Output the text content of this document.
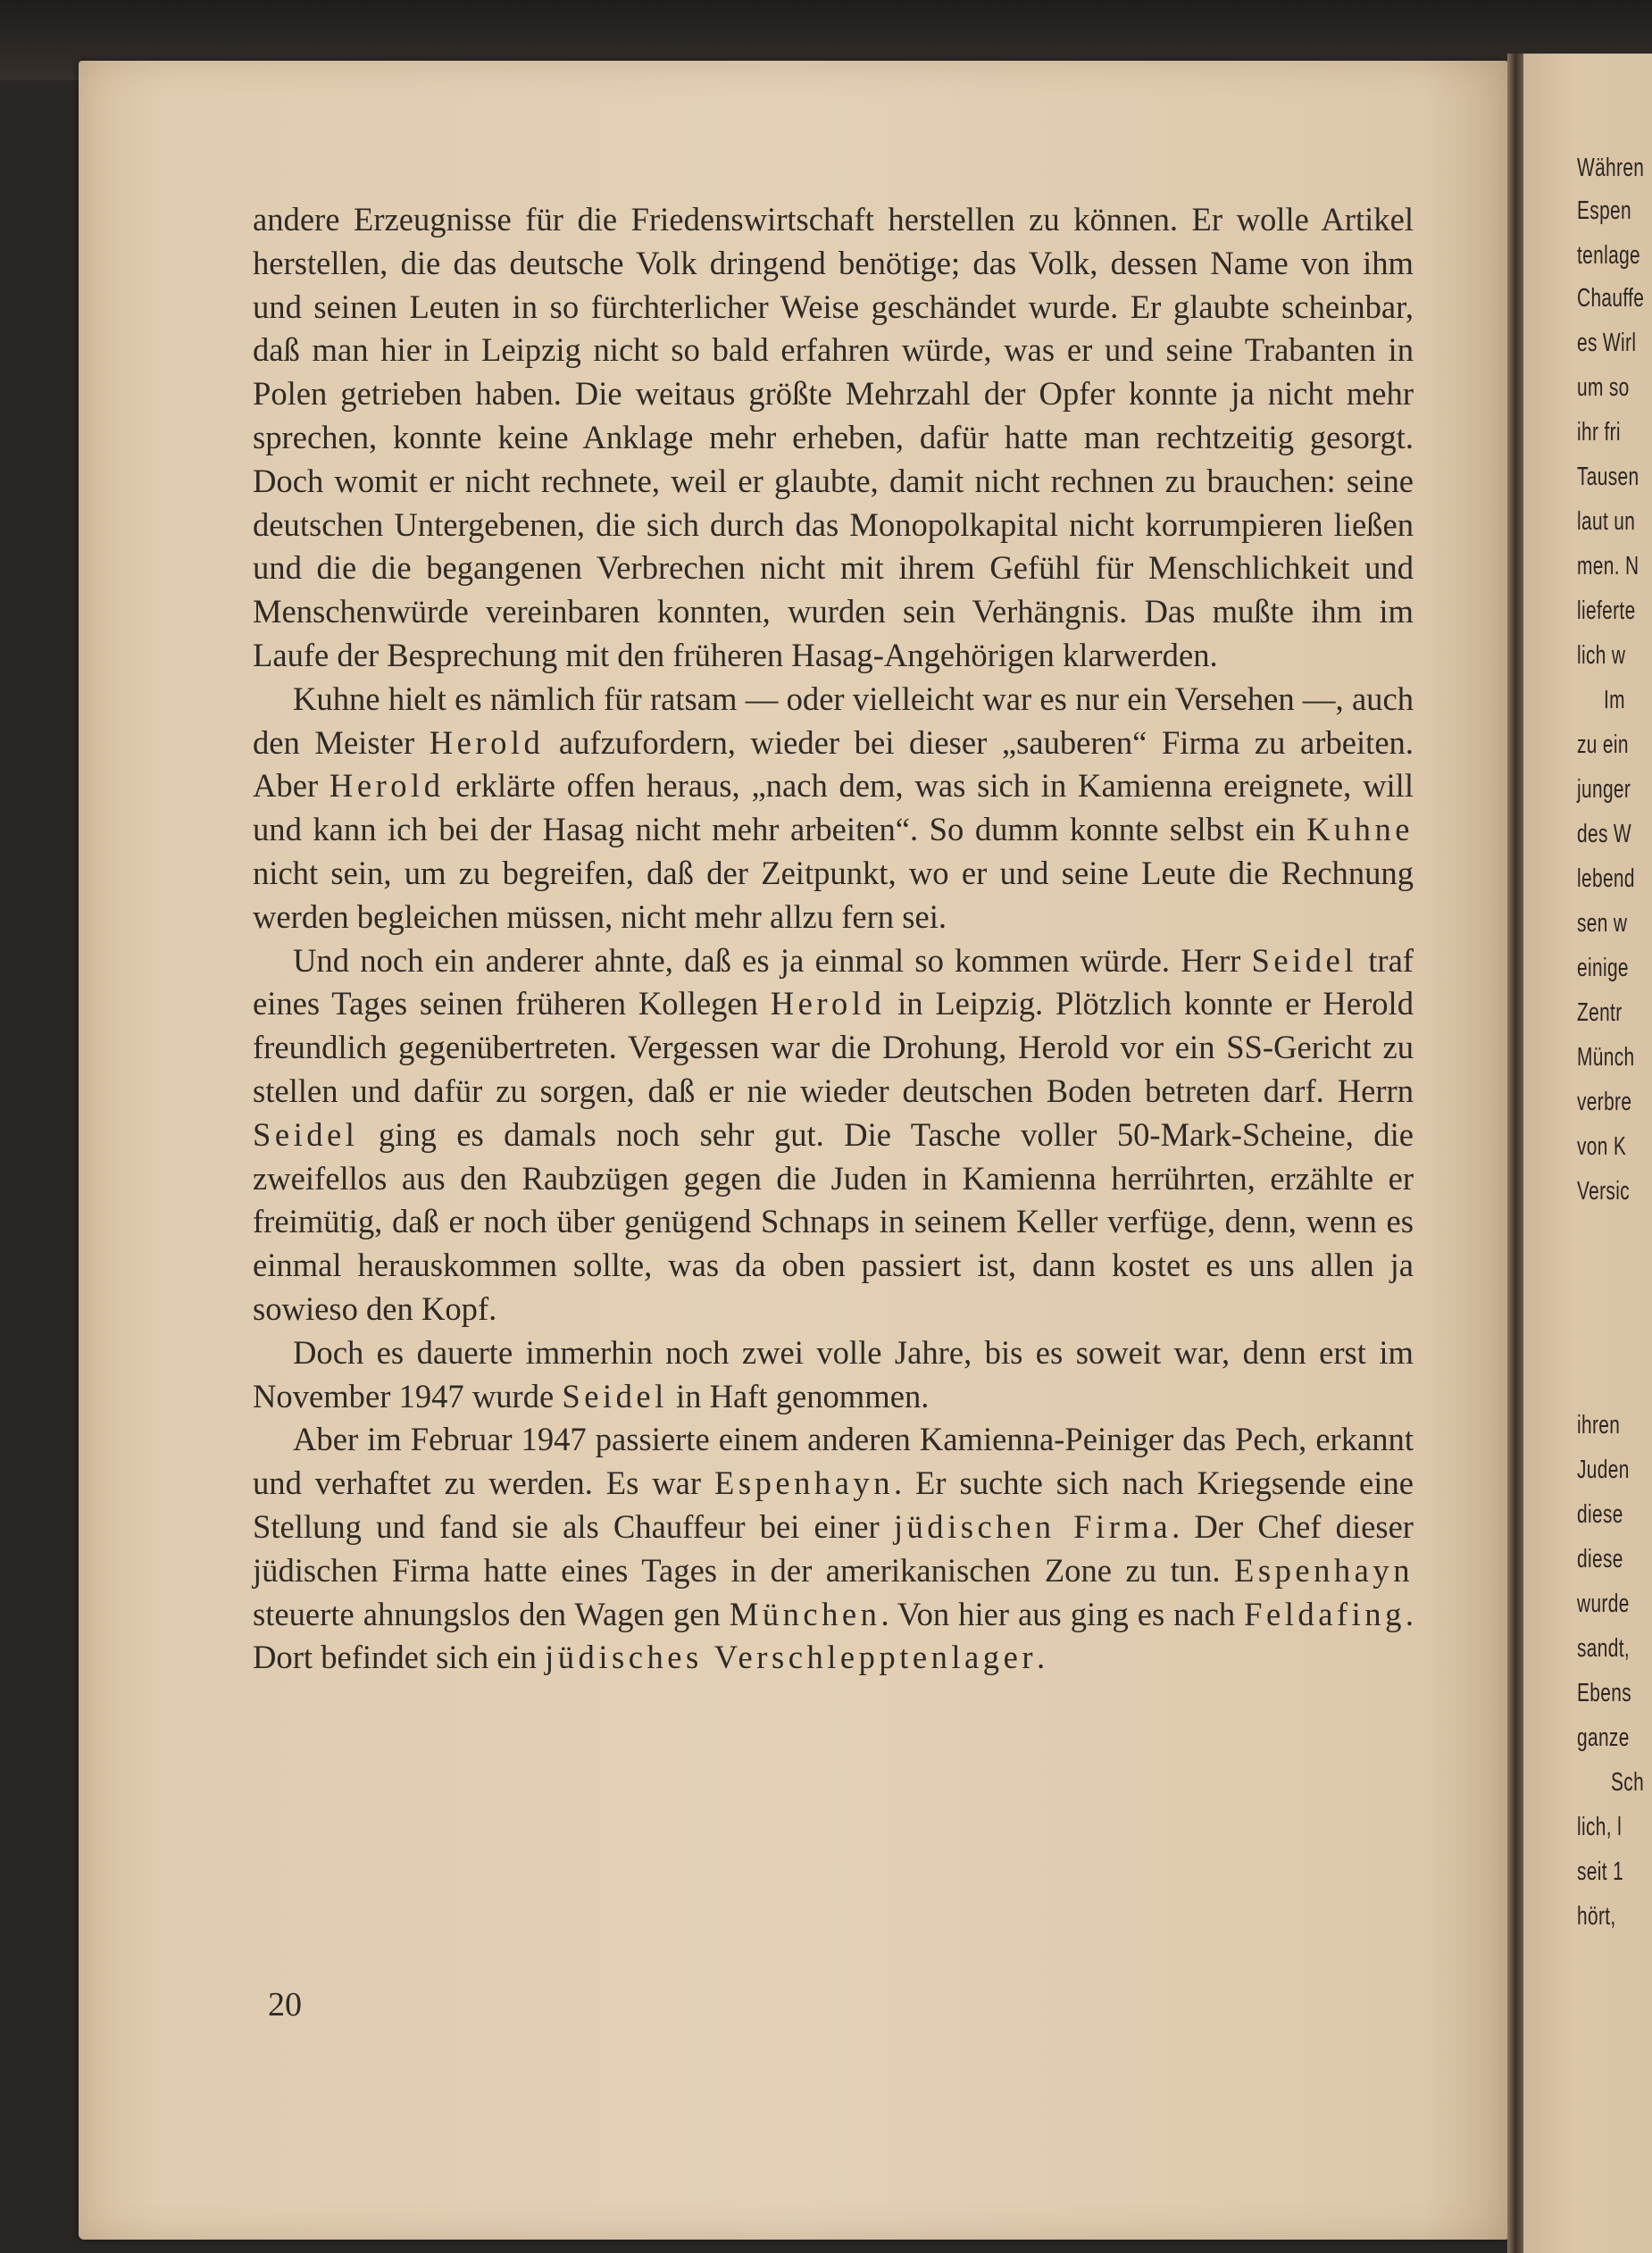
Währen
Espen
tenlage
Chauffe
es Wirl
um so
ihr fri
Tausen
laut un
men. N
lieferte
lich w
Im
zu ein
junger
des W
lebend
sen w
einige
Zentr
Münch
verbre
von K
Versic
ihren
Juden
diese
diese
wurde
sandt,
Ebens
ganze
Sch
lich, l
seit 1
hört,

andere Erzeugnisse für die Friedenswirtschaft herstellen zu können. Er wolle Artikel herstellen, die das deutsche Volk dringend benötige; das Volk, dessen Name von ihm und seinen Leuten in so fürchterlicher Weise geschändet wurde. Er glaubte scheinbar, daß man hier in Leipzig nicht so bald erfahren würde, was er und seine Trabanten in Polen getrieben haben. Die weitaus größte Mehrzahl der Opfer konnte ja nicht mehr sprechen, konnte keine Anklage mehr erheben, dafür hatte man rechtzeitig gesorgt. Doch womit er nicht rechnete, weil er glaubte, damit nicht rechnen zu brauchen: seine deutschen Untergebenen, die sich durch das Monopolkapital nicht korrumpieren ließen und die die begangenen Verbrechen nicht mit ihrem Gefühl für Menschlichkeit und Menschenwürde vereinbaren konnten, wurden sein Verhängnis. Das mußte ihm im Laufe der Besprechung mit den früheren Hasag-Angehörigen klarwerden.

Kuhne hielt es nämlich für ratsam — oder vielleicht war es nur ein Versehen —, auch den Meister Herold aufzufordern, wieder bei dieser „sauberen“ Firma zu arbeiten. Aber Herold erklärte offen heraus, „nach dem, was sich in Kamienna ereignete, will und kann ich bei der Hasag nicht mehr arbeiten“. So dumm konnte selbst ein Kuhne nicht sein, um zu begreifen, daß der Zeitpunkt, wo er und seine Leute die Rechnung werden begleichen müssen, nicht mehr allzu fern sei.

Und noch ein anderer ahnte, daß es ja einmal so kommen würde. Herr Seidel traf eines Tages seinen früheren Kollegen Herold in Leipzig. Plötzlich konnte er Herold freundlich gegenübertreten. Vergessen war die Drohung, Herold vor ein SS-Gericht zu stellen und dafür zu sorgen, daß er nie wieder deutschen Boden betreten darf. Herrn Seidel ging es damals noch sehr gut. Die Tasche voller 50-Mark-Scheine, die zweifellos aus den Raubzügen gegen die Juden in Kamienna herrührten, erzählte er freimütig, daß er noch über genügend Schnaps in seinem Keller verfüge, denn, wenn es einmal herauskommen sollte, was da oben passiert ist, dann kostet es uns allen ja sowieso den Kopf.

Doch es dauerte immerhin noch zwei volle Jahre, bis es soweit war, denn erst im November 1947 wurde Seidel in Haft genommen.

Aber im Februar 1947 passierte einem anderen Kamienna-Peiniger das Pech, erkannt und verhaftet zu werden. Es war Espenhayn. Er suchte sich nach Kriegsende eine Stellung und fand sie als Chauffeur bei einer jüdischen Firma. Der Chef dieser jüdischen Firma hatte eines Tages in der amerikanischen Zone zu tun. Espenhayn steuerte ahnungslos den Wagen gen München. Von hier aus ging es nach Feldafing. Dort befindet sich ein jüdisches Verschlepptenlager.

20
